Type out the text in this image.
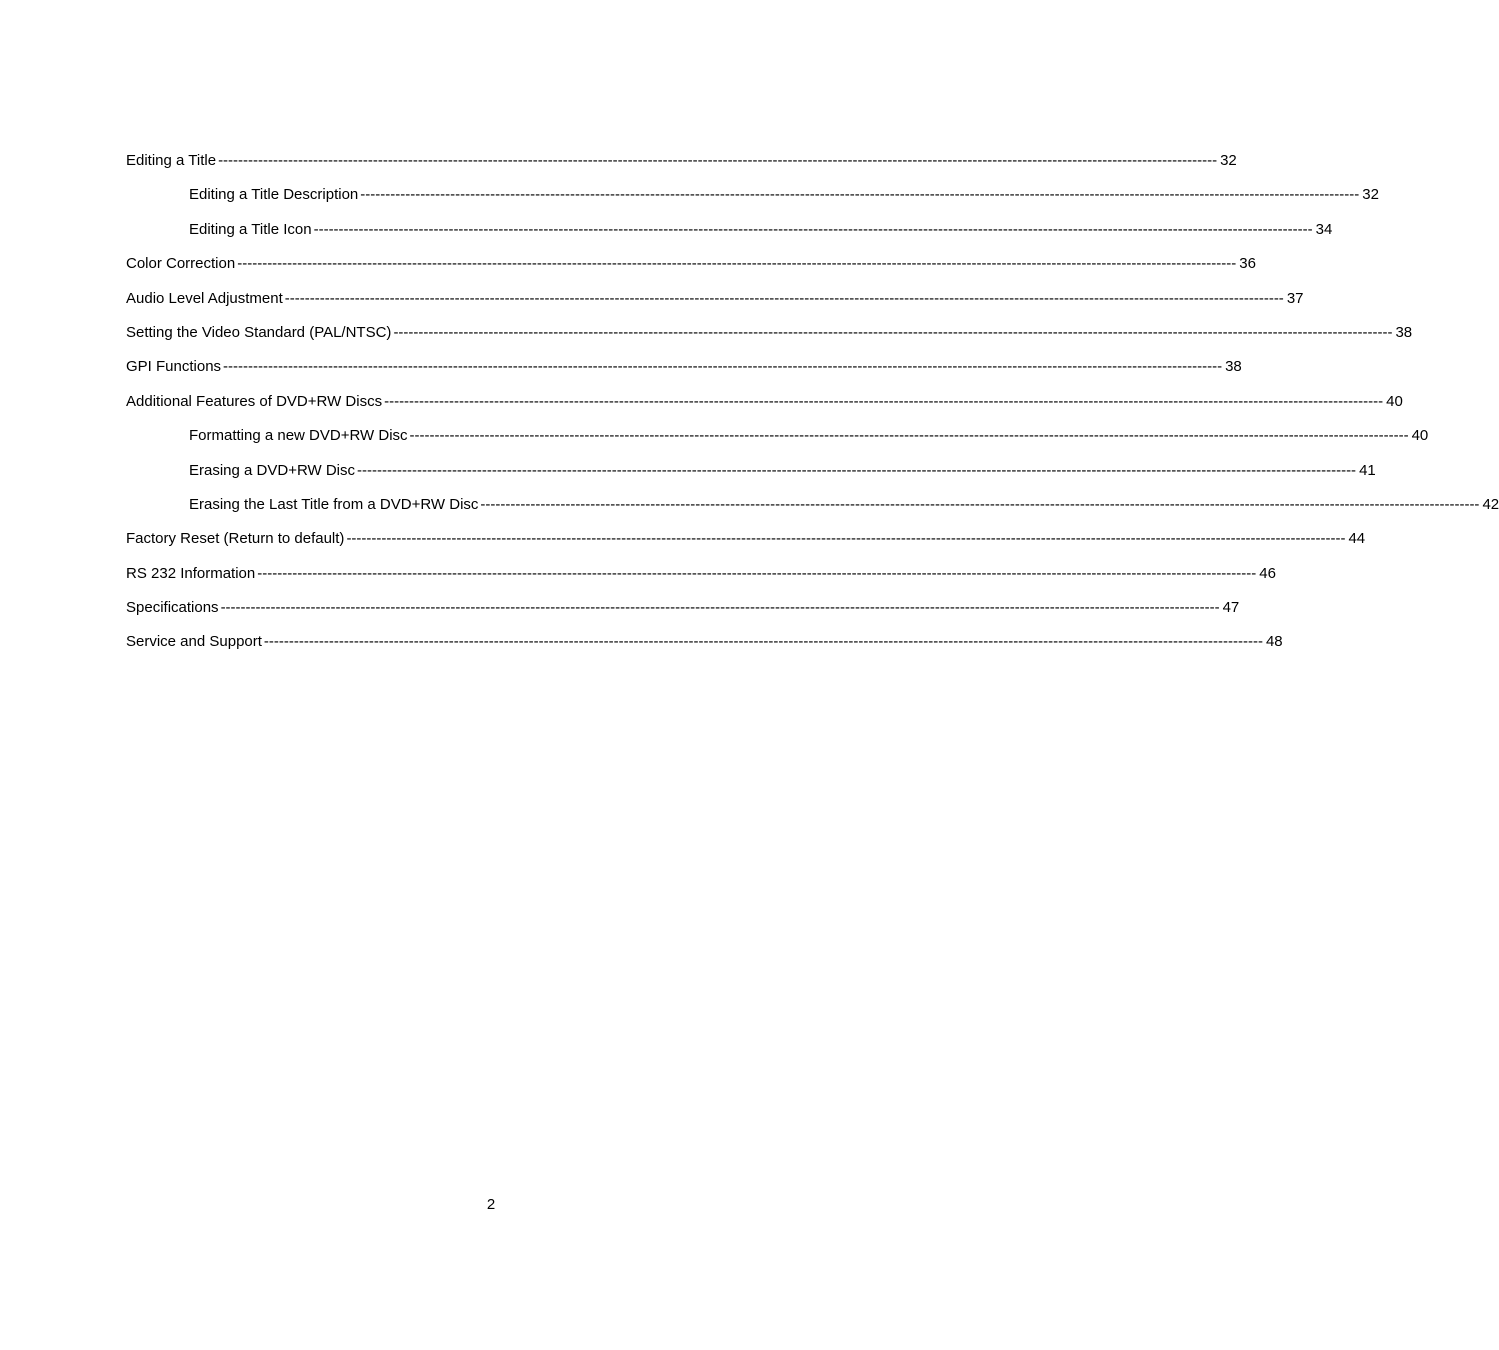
Editing a Title -------------------------------------------------------------------------------------------------------------------------------------------------------------------------------------------------------- 32
Editing a Title Description -------------------------------------------------------------------------------------------------------------------------------------------------------------------------------------------------------- 32
Editing a Title Icon -------------------------------------------------------------------------------------------------------------------------------------------------------------------------------------------------------- 34
Color Correction -------------------------------------------------------------------------------------------------------------------------------------------------------------------------------------------------------- 36
Audio Level Adjustment -------------------------------------------------------------------------------------------------------------------------------------------------------------------------------------------------------- 37
Setting the Video Standard (PAL/NTSC) -------------------------------------------------------------------------------------------------------------------------------------------------------------------------------------------------------- 38
GPI Functions -------------------------------------------------------------------------------------------------------------------------------------------------------------------------------------------------------- 38
Additional Features of DVD+RW Discs -------------------------------------------------------------------------------------------------------------------------------------------------------------------------------------------------------- 40
Formatting a new DVD+RW Disc -------------------------------------------------------------------------------------------------------------------------------------------------------------------------------------------------------- 40
Erasing a DVD+RW Disc -------------------------------------------------------------------------------------------------------------------------------------------------------------------------------------------------------- 41
Erasing the Last Title from a DVD+RW Disc -------------------------------------------------------------------------------------------------------------------------------------------------------------------------------------------------------- 42
Factory Reset (Return to default) -------------------------------------------------------------------------------------------------------------------------------------------------------------------------------------------------------- 44
RS 232 Information -------------------------------------------------------------------------------------------------------------------------------------------------------------------------------------------------------- 46
Specifications -------------------------------------------------------------------------------------------------------------------------------------------------------------------------------------------------------- 47
Service and Support -------------------------------------------------------------------------------------------------------------------------------------------------------------------------------------------------------- 48
2
